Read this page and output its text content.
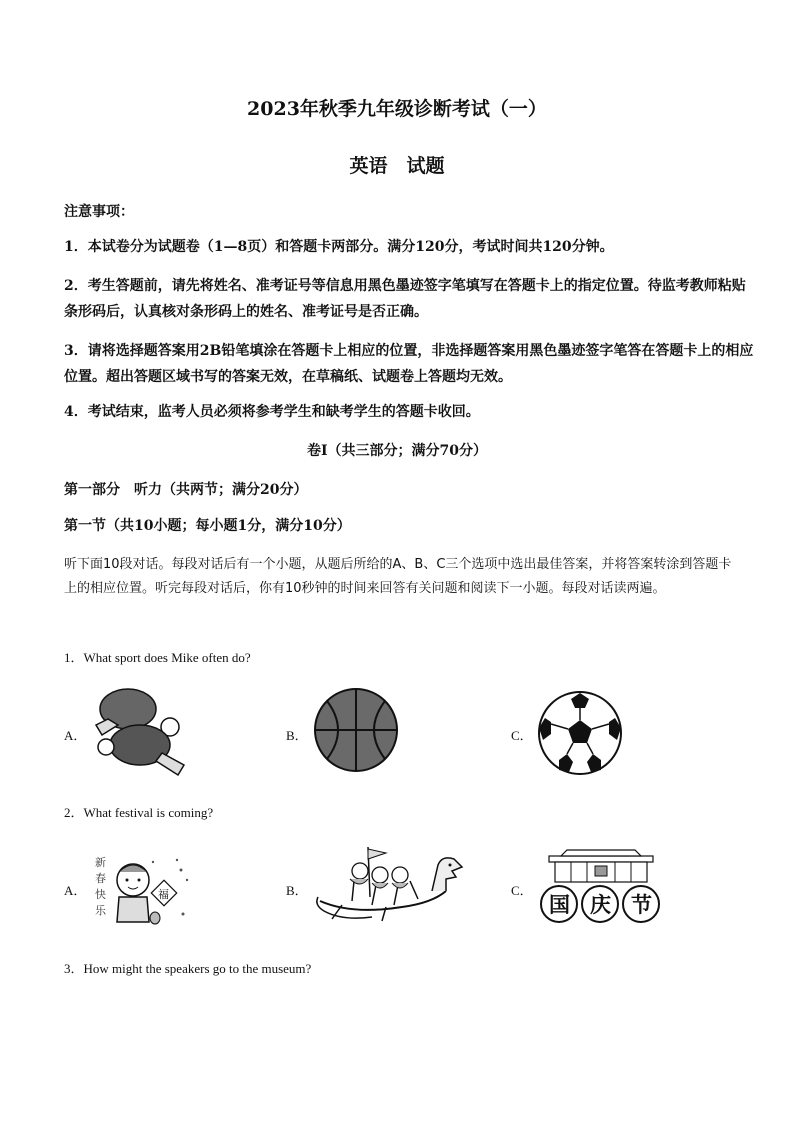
2023年秋季九年级诊断考试（一）
英语　试题
注意事项：
1．本试卷分为试题卷（1—8页）和答题卡两部分。满分120分，考试时间共120分钟。
2．考生答题前，请先将姓名、准考证号等信息用黑色墨迹签字笔填写在答题卡上的指定位置。待监考教师粘贴条形码后，认真核对条形码上的姓名、准考证号是否正确。
3．请将选择题答案用2B铅笔填涂在答题卡上相应的位置，非选择题答案用黑色墨迹签字笔答在答题卡上的相应位置。超出答题区域书写的答案无效，在草稿纸、试题卷上答题均无效。
4．考试结束，监考人员必须将参考学生和缺考学生的答题卡收回。
卷Ⅰ（共三部分；满分70分）
第一部分　听力（共两节；满分20分）
第一节（共10小题；每小题1分，满分10分）
听下面10段对话。每段对话后有一个小题，从题后所给的A、B、C三个选项中选出最佳答案，并将答案转涂到答题卡上的相应位置。听完每段对话后，你有10秒钟的时间来回答有关问题和阅读下一小题。每段对话读两遍。
1．What sport does Mike often do?
A．	B．	C．
2．What festival is coming?
A．
新
春
快
乐
福	B．	C．
国 庆 节
3．How might the speakers go to the museum?
